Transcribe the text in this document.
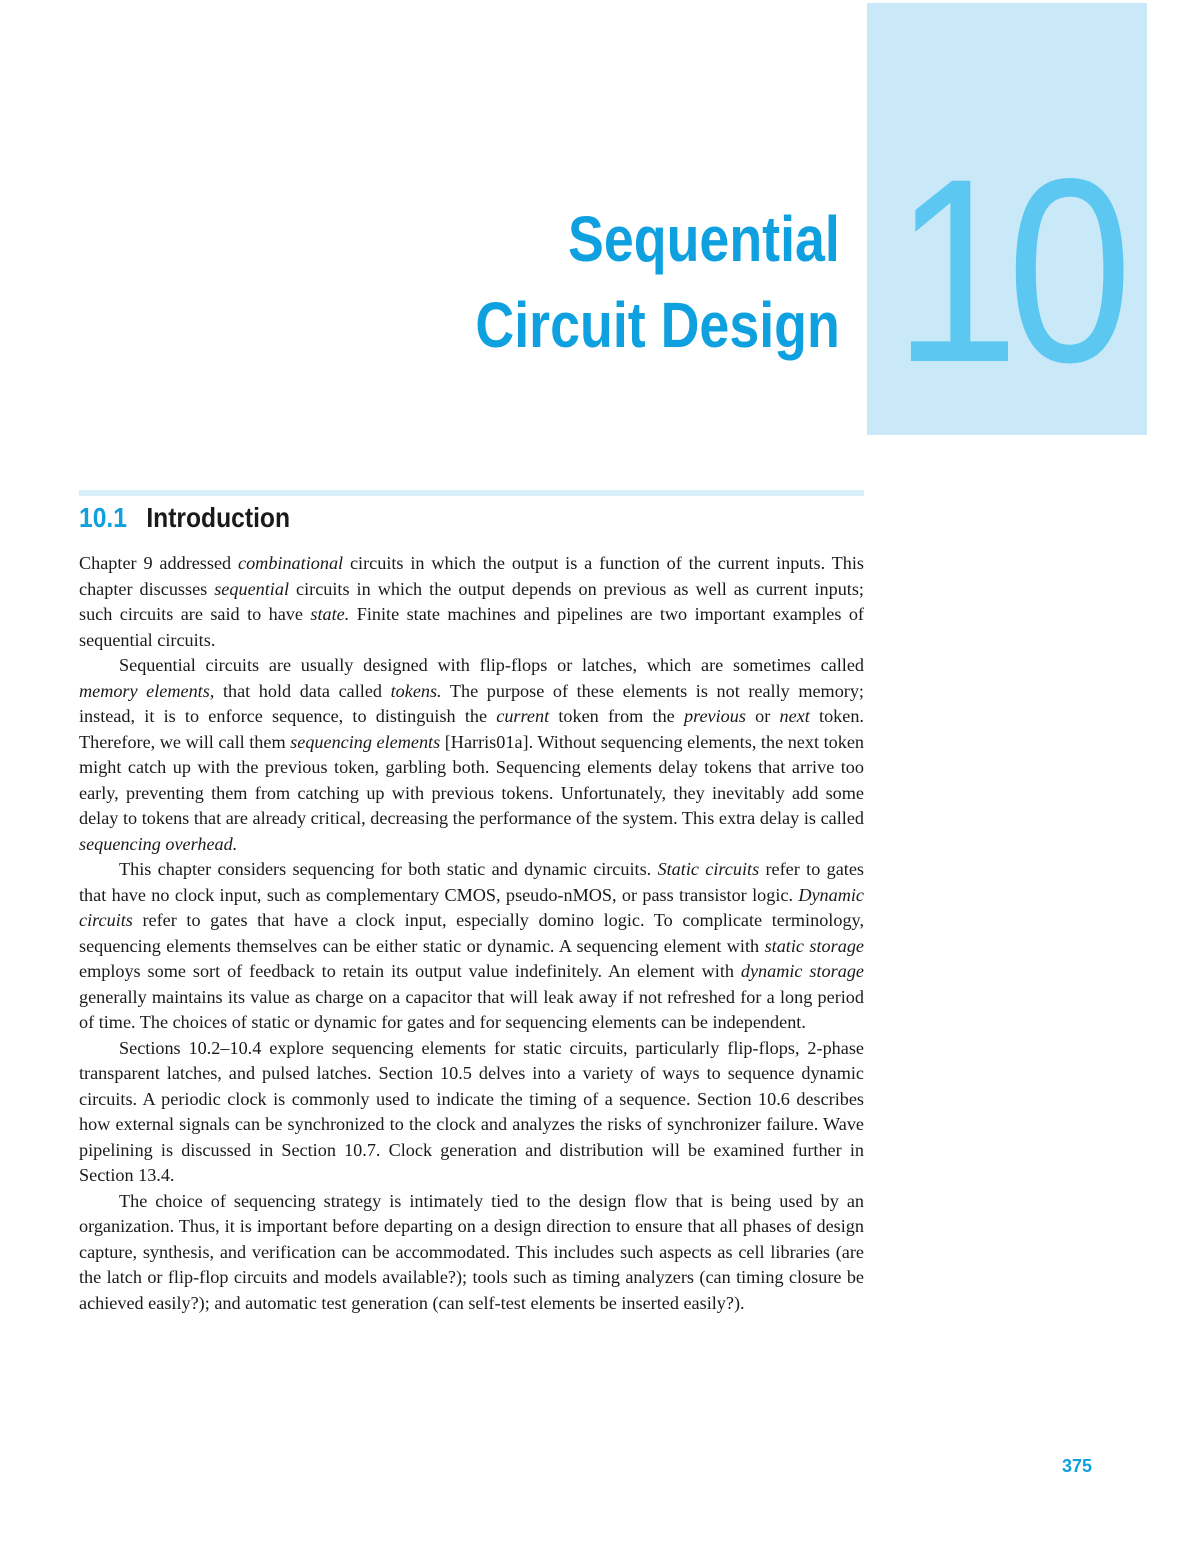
10
Sequential
Circuit Design
10.1 Introduction

Chapter 9 addressed combinational circuits in which the output is a function of the current inputs. This chapter discusses sequential circuits in which the output depends on previous as well as current inputs; such circuits are said to have state. Finite state machines and pipelines are two important examples of sequential circuits.

Sequential circuits are usually designed with flip-flops or latches, which are sometimes called memory elements, that hold data called tokens. The purpose of these elements is not really memory; instead, it is to enforce sequence, to distinguish the current token from the previous or next token. Therefore, we will call them sequencing elements [Harris01a]. Without sequencing elements, the next token might catch up with the previous token, garbling both. Sequencing elements delay tokens that arrive too early, preventing them from catching up with previous tokens. Unfortunately, they inevitably add some delay to tokens that are already critical, decreasing the performance of the system. This extra delay is called sequencing overhead.

This chapter considers sequencing for both static and dynamic circuits. Static circuits refer to gates that have no clock input, such as complementary CMOS, pseudo-nMOS, or pass transistor logic. Dynamic circuits refer to gates that have a clock input, especially domino logic. To complicate terminology, sequencing elements themselves can be either static or dynamic. A sequencing element with static storage employs some sort of feedback to retain its output value indefinitely. An element with dynamic storage generally maintains its value as charge on a capacitor that will leak away if not refreshed for a long period of time. The choices of static or dynamic for gates and for sequencing elements can be independent.

Sections 10.2–10.4 explore sequencing elements for static circuits, particularly flip-flops, 2-phase transparent latches, and pulsed latches. Section 10.5 delves into a variety of ways to sequence dynamic circuits. A periodic clock is commonly used to indicate the timing of a sequence. Section 10.6 describes how external signals can be synchronized to the clock and analyzes the risks of synchronizer failure. Wave pipelining is discussed in Section 10.7. Clock generation and distribution will be examined further in Section 13.4.

The choice of sequencing strategy is intimately tied to the design flow that is being used by an organization. Thus, it is important before departing on a design direction to ensure that all phases of design capture, synthesis, and verification can be accommodated. This includes such aspects as cell libraries (are the latch or flip-flop circuits and models available?); tools such as timing analyzers (can timing closure be achieved easily?); and automatic test generation (can self-test elements be inserted easily?).

375
